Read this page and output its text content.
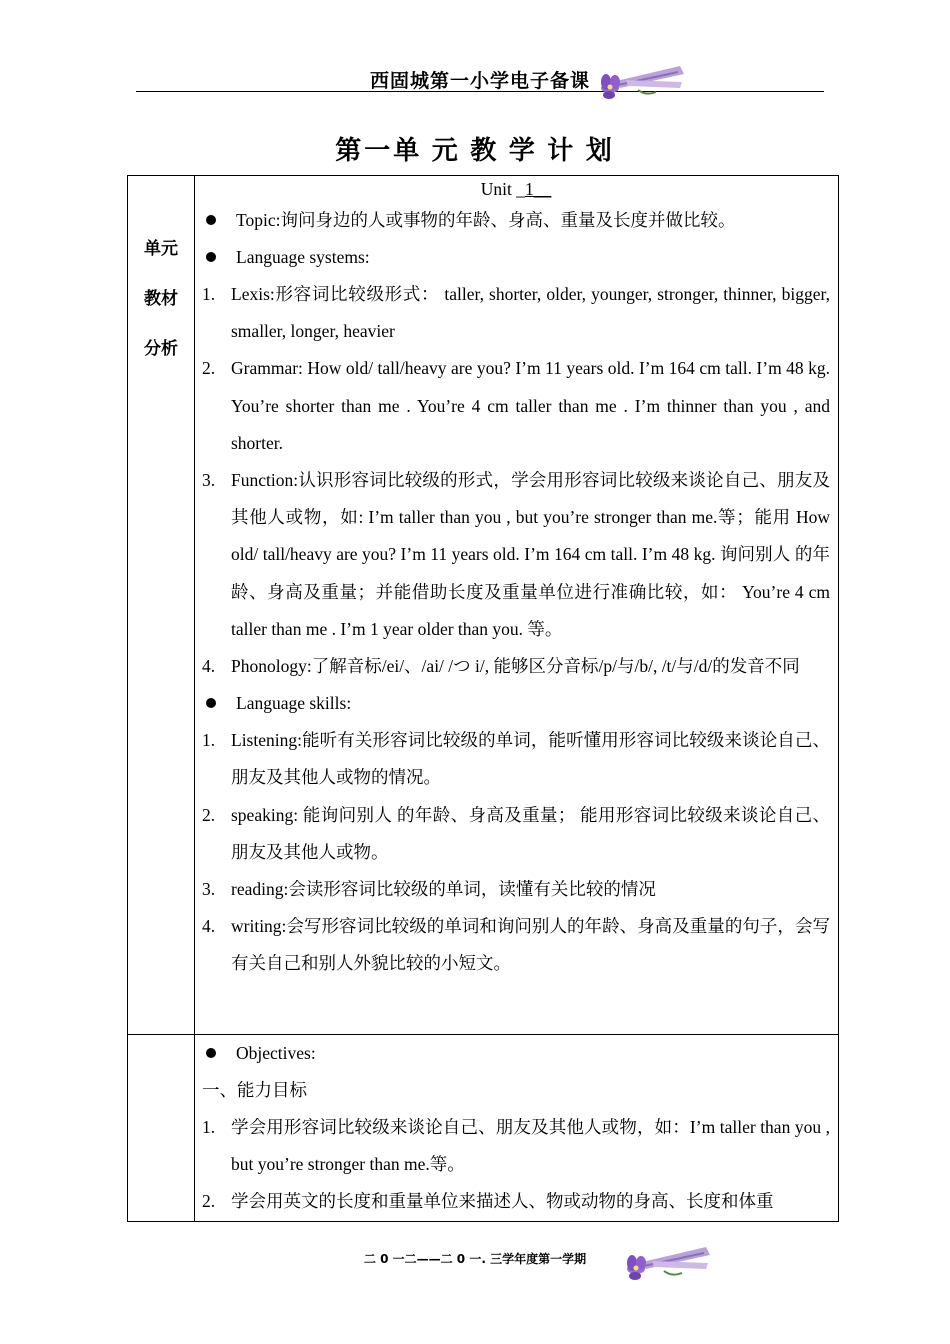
西固城第一小学电子备课
第一单 元 教 学 计 划
单元
教材
分析
Unit _1__
Topic:询问身边的人或事物的年龄、身高、重量及长度并做比较。
Language systems:
1. Lexis:形容词比较级形式： taller, shorter, older, younger, stronger, thinner, bigger, smaller, longer, heavier
2. Grammar: How old/ tall/heavy are you? I’m 11 years old. I’m 164 cm tall. I’m 48 kg. You’re shorter than me . You’re 4 cm taller than me . I’m thinner than you , and shorter.
3. Function:认识形容词比较级的形式，学会用形容词比较级来谈论自己、朋友及其他人或物，如: I’m taller than you , but you’re stronger than me.等；能用 How old/ tall/heavy are you? I’m 11 years old. I’m 164 cm tall. I’m 48 kg. 询问别人 的年龄、身高及重量；并能借助长度及重量单位进行准确比较，如： You’re 4 cm taller than me . I’m 1 year older than you. 等。
4. Phonology:了解音标/ei/、/ai/ /つ i/, 能够区分音标/p/与/b/, /t/与/d/的发音不同
Language skills:
1. Listening:能听有关形容词比较级的单词，能听懂用形容词比较级来谈论自己、朋友及其他人或物的情况。
2. speaking: 能询问别人 的年龄、身高及重量； 能用形容词比较级来谈论自己、朋友及其他人或物。
3. reading:会读形容词比较级的单词，读懂有关比较的情况
4. writing:会写形容词比较级的单词和询问别人的年龄、身高及重量的句子，会写有关自己和别人外貌比较的小短文。
Objectives:
一、能力目标
1. 学会用形容词比较级来谈论自己、朋友及其他人或物，如：I’m taller than you , but you’re stronger than me.等。
2. 学会用英文的长度和重量单位来描述人、物或动物的身高、长度和体重
二 0 一二——二 0 一. 三学年度第一学期
